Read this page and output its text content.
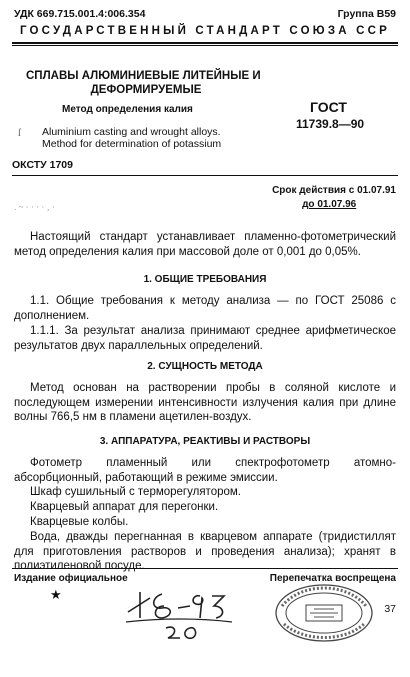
УДК 669.715.001.4:006.354	Группа В59
ГОСУДАРСТВЕННЫЙ СТАНДАРТ СОЮЗА ССР
СПЛАВЫ АЛЮМИНИЕВЫЕ ЛИТЕЙНЫЕ И
ДЕФОРМИРУЕМЫЕ
Метод определения калия	ГОСТ
11739.8—90
ſ Aluminium casting and wrought alloys.
Method for determination of potassium
ОКСТУ 1709
Срок действия с 01.07.91
до 01.07.96
. ~ · · · · ‚ ·
Настоящий стандарт устанавливает пламенно-фотометрический метод определения калия при массовой доле от 0,001 до 0,05%.
1. ОБЩИЕ ТРЕБОВАНИЯ
1.1. Общие требования к методу анализа — по ГОСТ 25086 с дополнением.
1.1.1. За результат анализа принимают среднее арифметическое результатов двух параллельных определений.
2. СУЩНОСТЬ МЕТОДА
Метод основан на растворении пробы в соляной кислоте и последующем измерении интенсивности излучения калия при длине волны 766,5 нм в пламени ацетилен-воздух.
3. АППАРАТУРА, РЕАКТИВЫ И РАСТВОРЫ
Фотометр пламенный или спектрофотометр атомно-абсорбционный, работающий в режиме эмиссии.
Шкаф сушильный с терморегулятором.
Кварцевый аппарат для перегонки.
Кварцевые колбы.
Вода, дважды перегнанная в кварцевом аппарате (тридистиллят для приготовления растворов и проведения анализа); хранят в полиэтиленовой посуде.
Издание официальное	Перепечатка воспрещена
★
37
